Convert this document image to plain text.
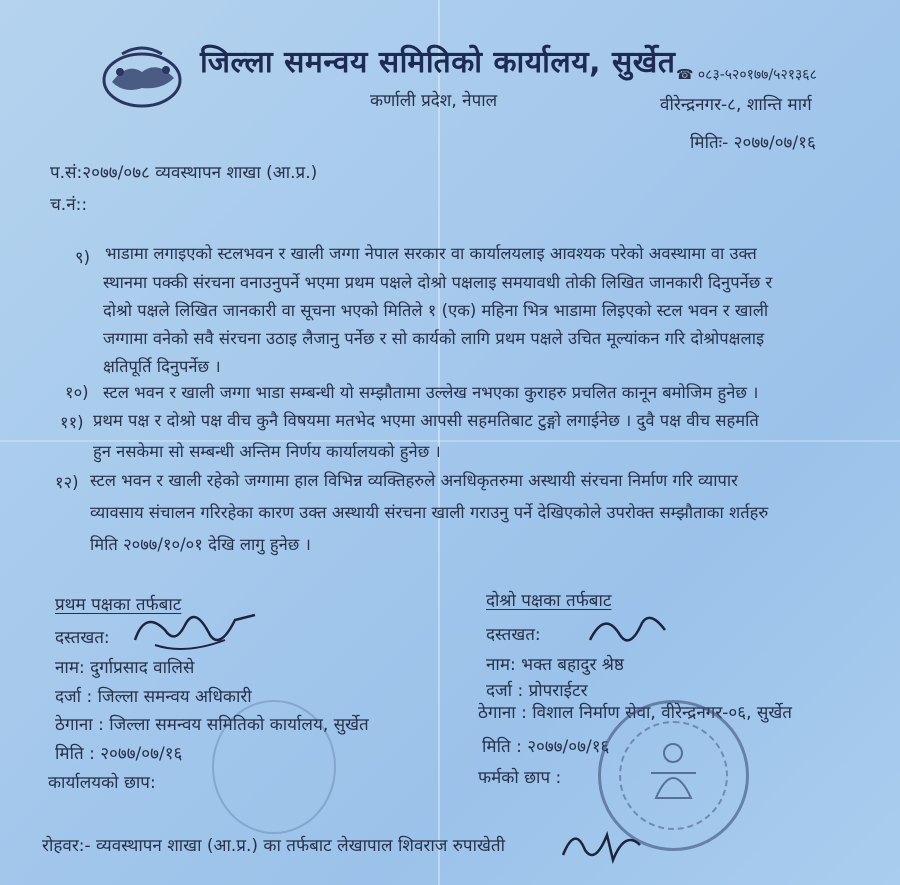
जिल्ला समन्वय समितिको कार्यालय, सुर्खेत
कर्णाली प्रदेश, नेपाल
☎ ०८३-५२०१७७/५२१३६८
वीरेन्द्रनगर-८, शान्ति मार्ग
मितिः- २०७७/०७/१६
प.सं:२०७७/०७८ व्यवस्थापन शाखा (आ.प्र.)
च.नं::
९) भाडामा लगाइएको स्टलभवन र खाली जग्गा नेपाल सरकार वा कार्यालयलाइ आवश्यक परेको अवस्थामा वा उक्त
स्थानमा पक्की संरचना वनाउनुपर्ने भएमा प्रथम पक्षले दोश्रो पक्षलाइ समयावधी तोकी लिखित जानकारी दिनुपर्नेछ र
दोश्रो पक्षले लिखित जानकारी वा सूचना भएको मितिले १ (एक) महिना भित्र भाडामा लिइएको स्टल भवन र खाली
जग्गामा वनेको सवै संरचना उठाइ लैजानु पर्नेछ र सो कार्यको लागि प्रथम पक्षले उचित मूल्यांकन गरि दोश्रोपक्षलाइ
क्षतिपूर्ति दिनुपर्नेछ ।
१०) स्टल भवन र खाली जग्गा भाडा सम्बन्धी यो सम्झौतामा उल्लेख नभएका कुराहरु प्रचलित कानून बमोजिम हुनेछ ।
११) प्रथम पक्ष र दोश्रो पक्ष वीच कुनै विषयमा मतभेद भएमा आपसी सहमतिबाट टुङ्गो लगाईनेछ । दुवै पक्ष वीच सहमति
हुन नसकेमा सो सम्बन्धी अन्तिम निर्णय कार्यालयको हुनेछ ।
१२) स्टल भवन र खाली रहेको जग्गामा हाल विभिन्न व्यक्तिहरुले अनधिकृतरुमा अस्थायी संरचना निर्माण गरि व्यापार
व्यावसाय संचालन गरिरहेका कारण उक्त अस्थायी संरचना खाली गराउनु पर्ने देखिएकोले उपरोक्त सम्झौताका शर्तहरु
मिति २०७७/१०/०१ देखि लागु हुनेछ ।
प्रथम पक्षका तर्फबाट
दस्तखत:
नाम: दुर्गाप्रसाद वालिसे
दर्जा : जिल्ला समन्वय अधिकारी
ठेगाना : जिल्ला समन्वय समितिको कार्यालय, सुर्खेत
मिति : २०७७/०७/१६
कार्यालयको छाप:
दोश्रो पक्षका तर्फबाट
दस्तखत:
नाम: भक्त बहादुर श्रेष्ठ
दर्जा : प्रोपराईटर
ठेगाना : विशाल निर्माण सेवा, वीरेन्द्रनगर-०६, सुर्खेत
मिति : २०७७/०७/१६
फर्मको छाप :
रोहवर:- व्यवस्थापन शाखा (आ.प्र.) का तर्फबाट लेखापाल शिवराज रुपाखेती
